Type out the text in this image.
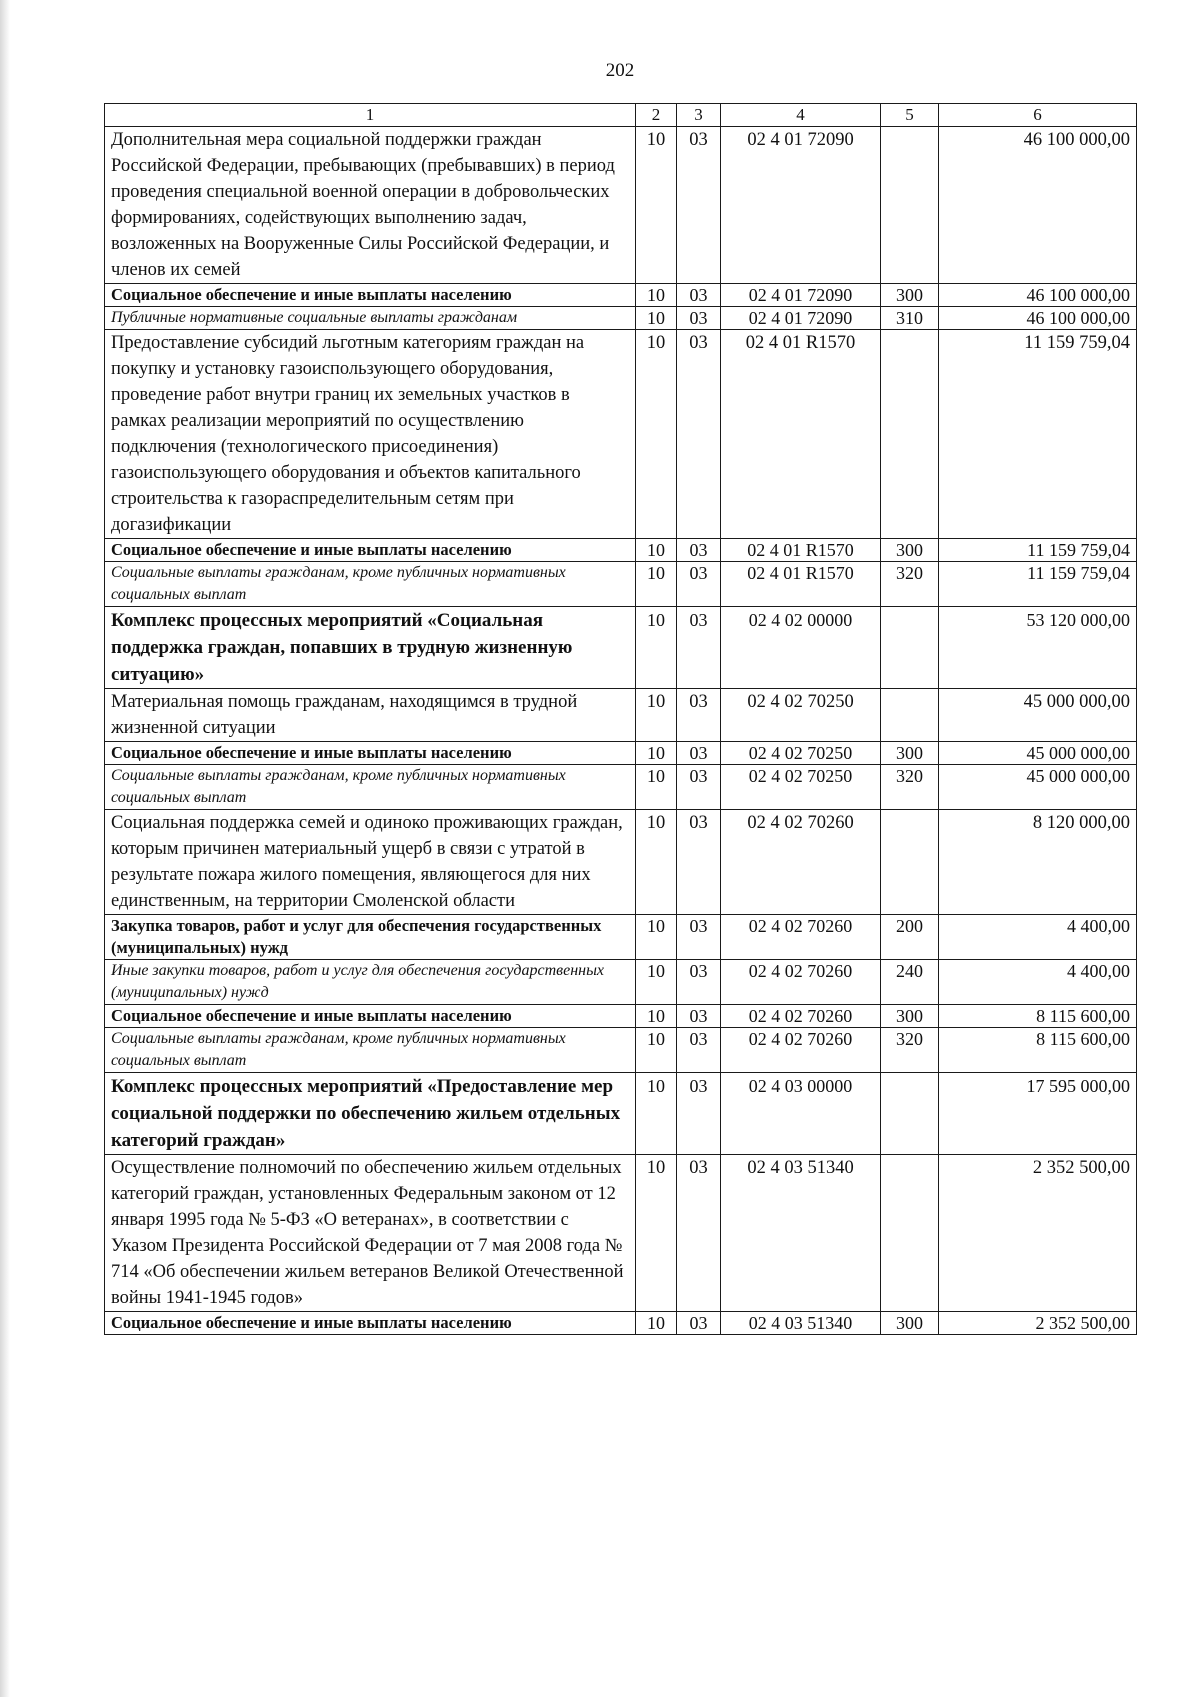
202
1	2	3	4	5	6
Дополнительная мера социальной поддержки граждан Российской Федерации, пребывающих (пребывавших) в период проведения специальной военной операции в добровольческих формированиях, содействующих выполнению задач, возложенных на Вооруженные Силы Российской Федерации, и членов их семей	10	03	02 4 01 72090		46 100 000,00
Социальное обеспечение и иные выплаты населению	10	03	02 4 01 72090	300	46 100 000,00
Публичные нормативные социальные выплаты гражданам	10	03	02 4 01 72090	310	46 100 000,00
Предоставление субсидий льготным категориям граждан на покупку и установку газоиспользующего оборудования, проведение работ внутри границ их земельных участков в рамках реализации мероприятий по осуществлению подключения (технологического присоединения) газоиспользующего оборудования и объектов капитального строительства к газораспределительным сетям при догазификации	10	03	02 4 01 R1570		11 159 759,04
Социальное обеспечение и иные выплаты населению	10	03	02 4 01 R1570	300	11 159 759,04
Социальные выплаты гражданам, кроме публичных нормативных социальных выплат	10	03	02 4 01 R1570	320	11 159 759,04
Комплекс процессных мероприятий «Социальная поддержка граждан, попавших в трудную жизненную ситуацию»	10	03	02 4 02 00000		53 120 000,00
Материальная помощь гражданам, находящимся в трудной жизненной ситуации	10	03	02 4 02 70250		45 000 000,00
Социальное обеспечение и иные выплаты населению	10	03	02 4 02 70250	300	45 000 000,00
Социальные выплаты гражданам, кроме публичных нормативных социальных выплат	10	03	02 4 02 70250	320	45 000 000,00
Социальная поддержка семей и одиноко проживающих граждан, которым причинен материальный ущерб в связи с утратой в результате пожара жилого помещения, являющегося для них единственным, на территории Смоленской области	10	03	02 4 02 70260		8 120 000,00
Закупка товаров, работ и услуг для обеспечения государственных (муниципальных) нужд	10	03	02 4 02 70260	200	4 400,00
Иные закупки товаров, работ и услуг для обеспечения государственных (муниципальных) нужд	10	03	02 4 02 70260	240	4 400,00
Социальное обеспечение и иные выплаты населению	10	03	02 4 02 70260	300	8 115 600,00
Социальные выплаты гражданам, кроме публичных нормативных социальных выплат	10	03	02 4 02 70260	320	8 115 600,00
Комплекс процессных мероприятий «Предоставление мер социальной поддержки по обеспечению жильем отдельных категорий граждан»	10	03	02 4 03 00000		17 595 000,00
Осуществление полномочий по обеспечению жильем отдельных категорий граждан, установленных Федеральным законом от 12 января 1995 года № 5-ФЗ «О ветеранах», в соответствии с Указом Президента Российской Федерации от 7 мая 2008 года № 714 «Об обеспечении жильем ветеранов Великой Отечественной войны 1941-1945 годов»	10	03	02 4 03 51340		2 352 500,00
Социальное обеспечение и иные выплаты населению	10	03	02 4 03 51340	300	2 352 500,00
